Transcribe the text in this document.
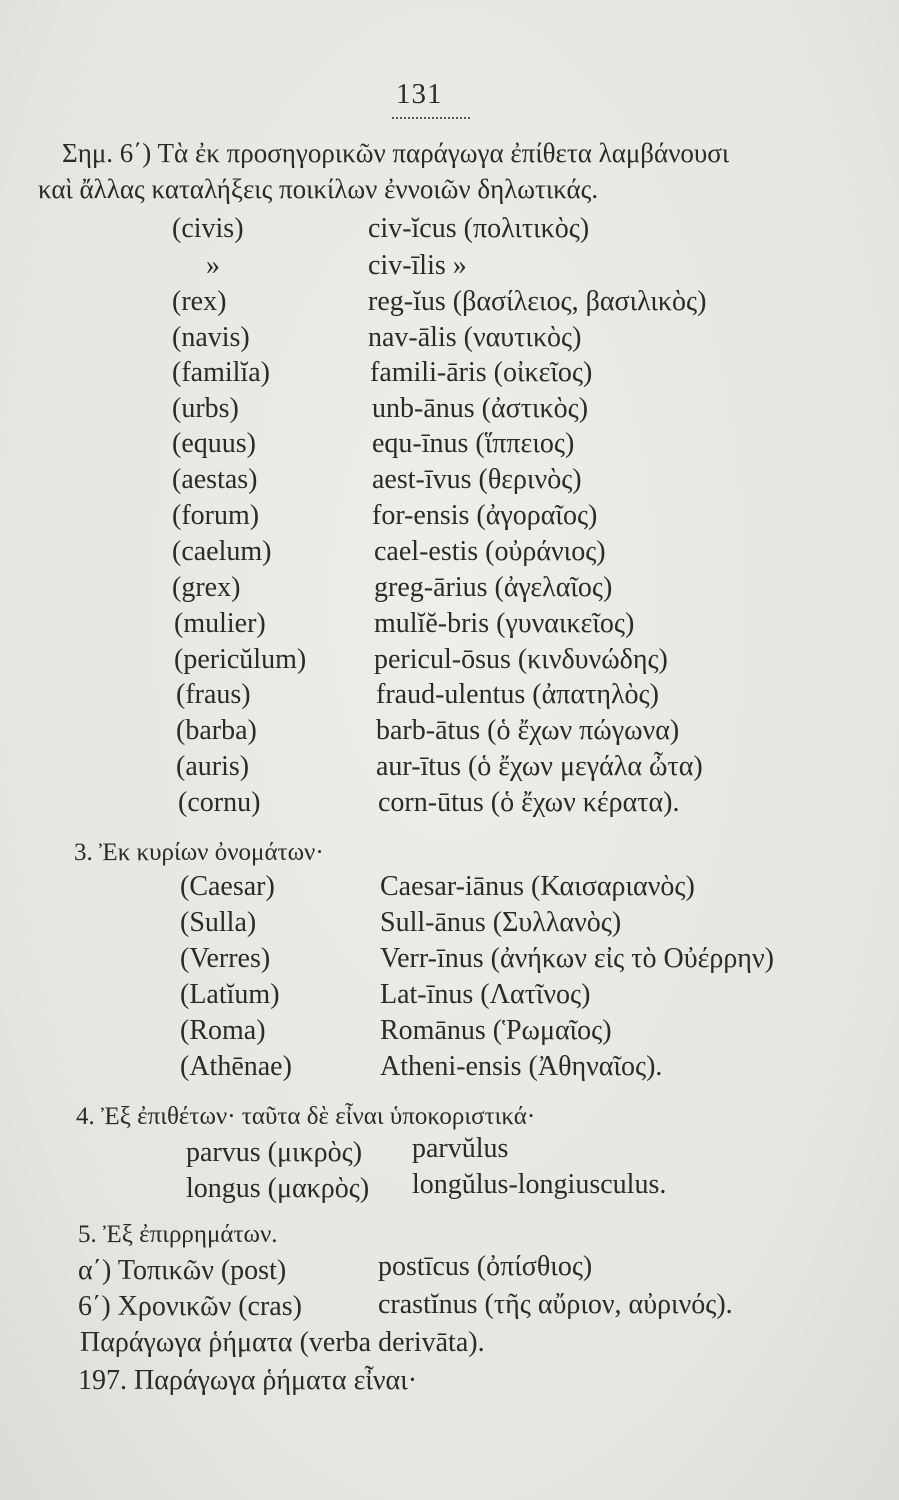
131
Σημ. 6΄) Τὰ ἐκ προσηγορικῶν παράγωγα ἐπίθετα λαμβάνουσι
καὶ ἄλλας καταλήξεις ποικίλων ἐννοιῶν δηλωτικάς.
(civis)	civ-ĭcus (πολιτικὸς)
»	civ-īlis »
(rex)	reg-ĭus (βασίλειος, βασιλικὸς)
(navis)	nav-ālis (ναυτικὸς)
(familĭa)	famili-āris (οἰκεῖος)
(urbs)	unb-ānus (ἀστικὸς)
(equus)	equ-īnus (ἵππειος)
(aestas)	aest-īvus (θερινὸς)
(forum)	for-ensis (ἀγοραῖος)
(caelum)	cael-estis (οὐράνιος)
(grex)	greg-ārius (ἀγελαῖος)
(mulier)	mulĭĕ-bris (γυναικεῖος)
(pericŭlum) pericul-ōsus (κινδυνώδης)
(fraus)	fraud-ulentus (ἀπατηλὸς)
(barba)	barb-ātus (ὁ ἔχων πώγωνα)
(auris)	aur-ītus (ὁ ἔχων μεγάλα ὦτα)
(cornu)	corn-ūtus (ὁ ἔχων κέρατα).
3. Ἐκ κυρίων ὀνομάτων·
(Caesar)	Caesar-iānus (Καισαριανὸς)
(Sulla)	Sull-ānus (Συλλανὸς)
(Verres)	Verr-īnus (ἀνήκων εἰς τὸ Οὐέρρην)
(Latĭum)	Lat-īnus (Λατῖνος)
(Roma)	Romānus (Ῥωμαῖος)
(Athēnae)	Atheni-ensis (Ἀθηναῖος).
4. Ἐξ ἐπιθέτων· ταῦτα δὲ εἶναι ὑποκοριστικά·
parvus (μικρὸς) parvŭlus
longus (μακρὸς) longŭlus-longiusculus.
5. Ἐξ ἐπιρρημάτων.
α΄) Τοπικῶν (post)	postīcus (ὀπίσθιος)
6΄) Χρονικῶν (cras)	crastĭnus (τῆς αὔριον, αὐρινός).
Παράγωγα ῥήματα (verba derivāta).
197. Παράγωγα ῥήματα εἶναι·
